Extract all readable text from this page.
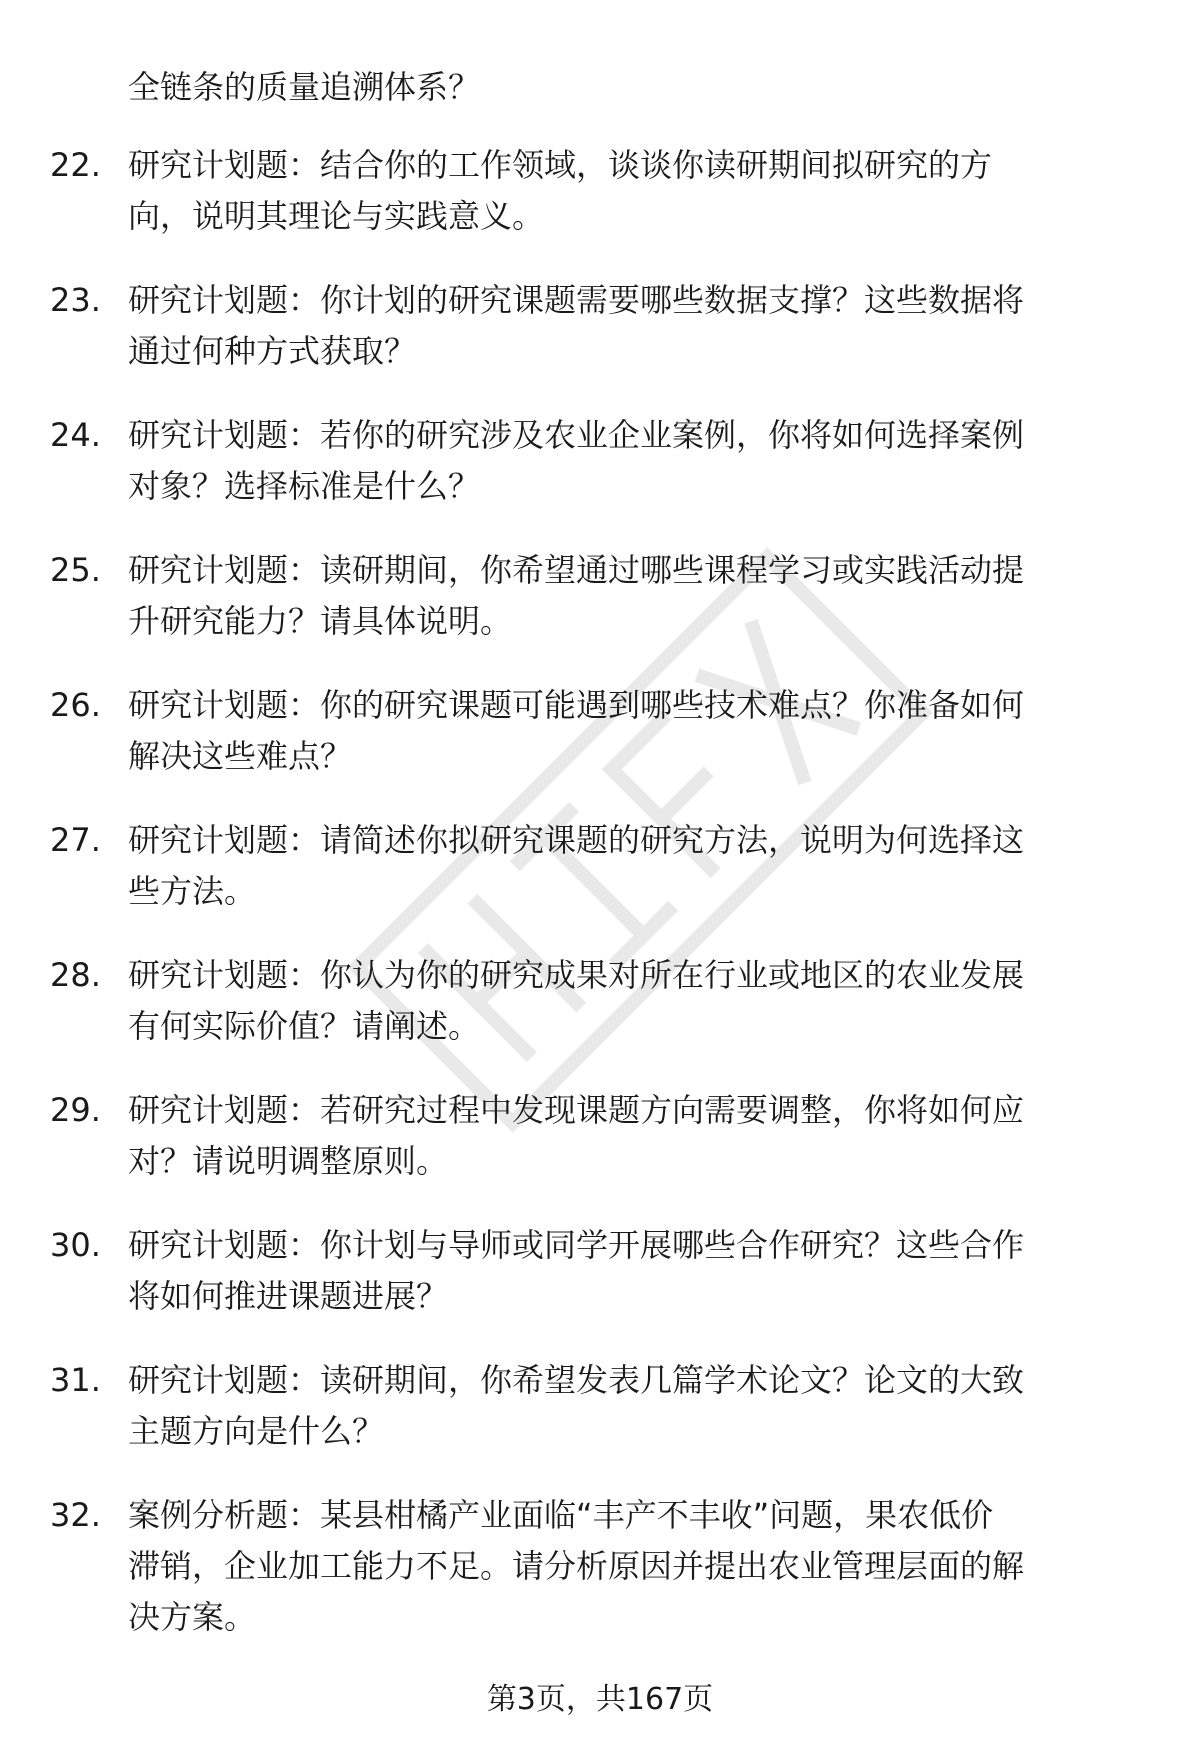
全链条的质量追溯体系？
22. 研究计划题：结合你的工作领域，谈谈你读研期间拟研究的方
向，说明其理论与实践意义。
23. 研究计划题：你计划的研究课题需要哪些数据支撑？这些数据将
通过何种方式获取？
24. 研究计划题：若你的研究涉及农业企业案例，你将如何选择案例
对象？选择标准是什么？
25. 研究计划题：读研期间，你希望通过哪些课程学习或实践活动提
升研究能力？请具体说明。
26. 研究计划题：你的研究课题可能遇到哪些技术难点？你准备如何
解决这些难点？
27. 研究计划题：请简述你拟研究课题的研究方法，说明为何选择这
些方法。
28. 研究计划题：你认为你的研究成果对所在行业或地区的农业发展
有何实际价值？请阐述。
29. 研究计划题：若研究过程中发现课题方向需要调整，你将如何应
对？请说明调整原则。
30. 研究计划题：你计划与导师或同学开展哪些合作研究？这些合作
将如何推进课题进展？
31. 研究计划题：读研期间，你希望发表几篇学术论文？论文的大致
主题方向是什么？
32. 案例分析题：某县柑橘产业面临“丰产不丰收”问题，果农低价
滞销，企业加工能力不足。请分析原因并提出农业管理层面的解
决方案。
第3页，共167页
